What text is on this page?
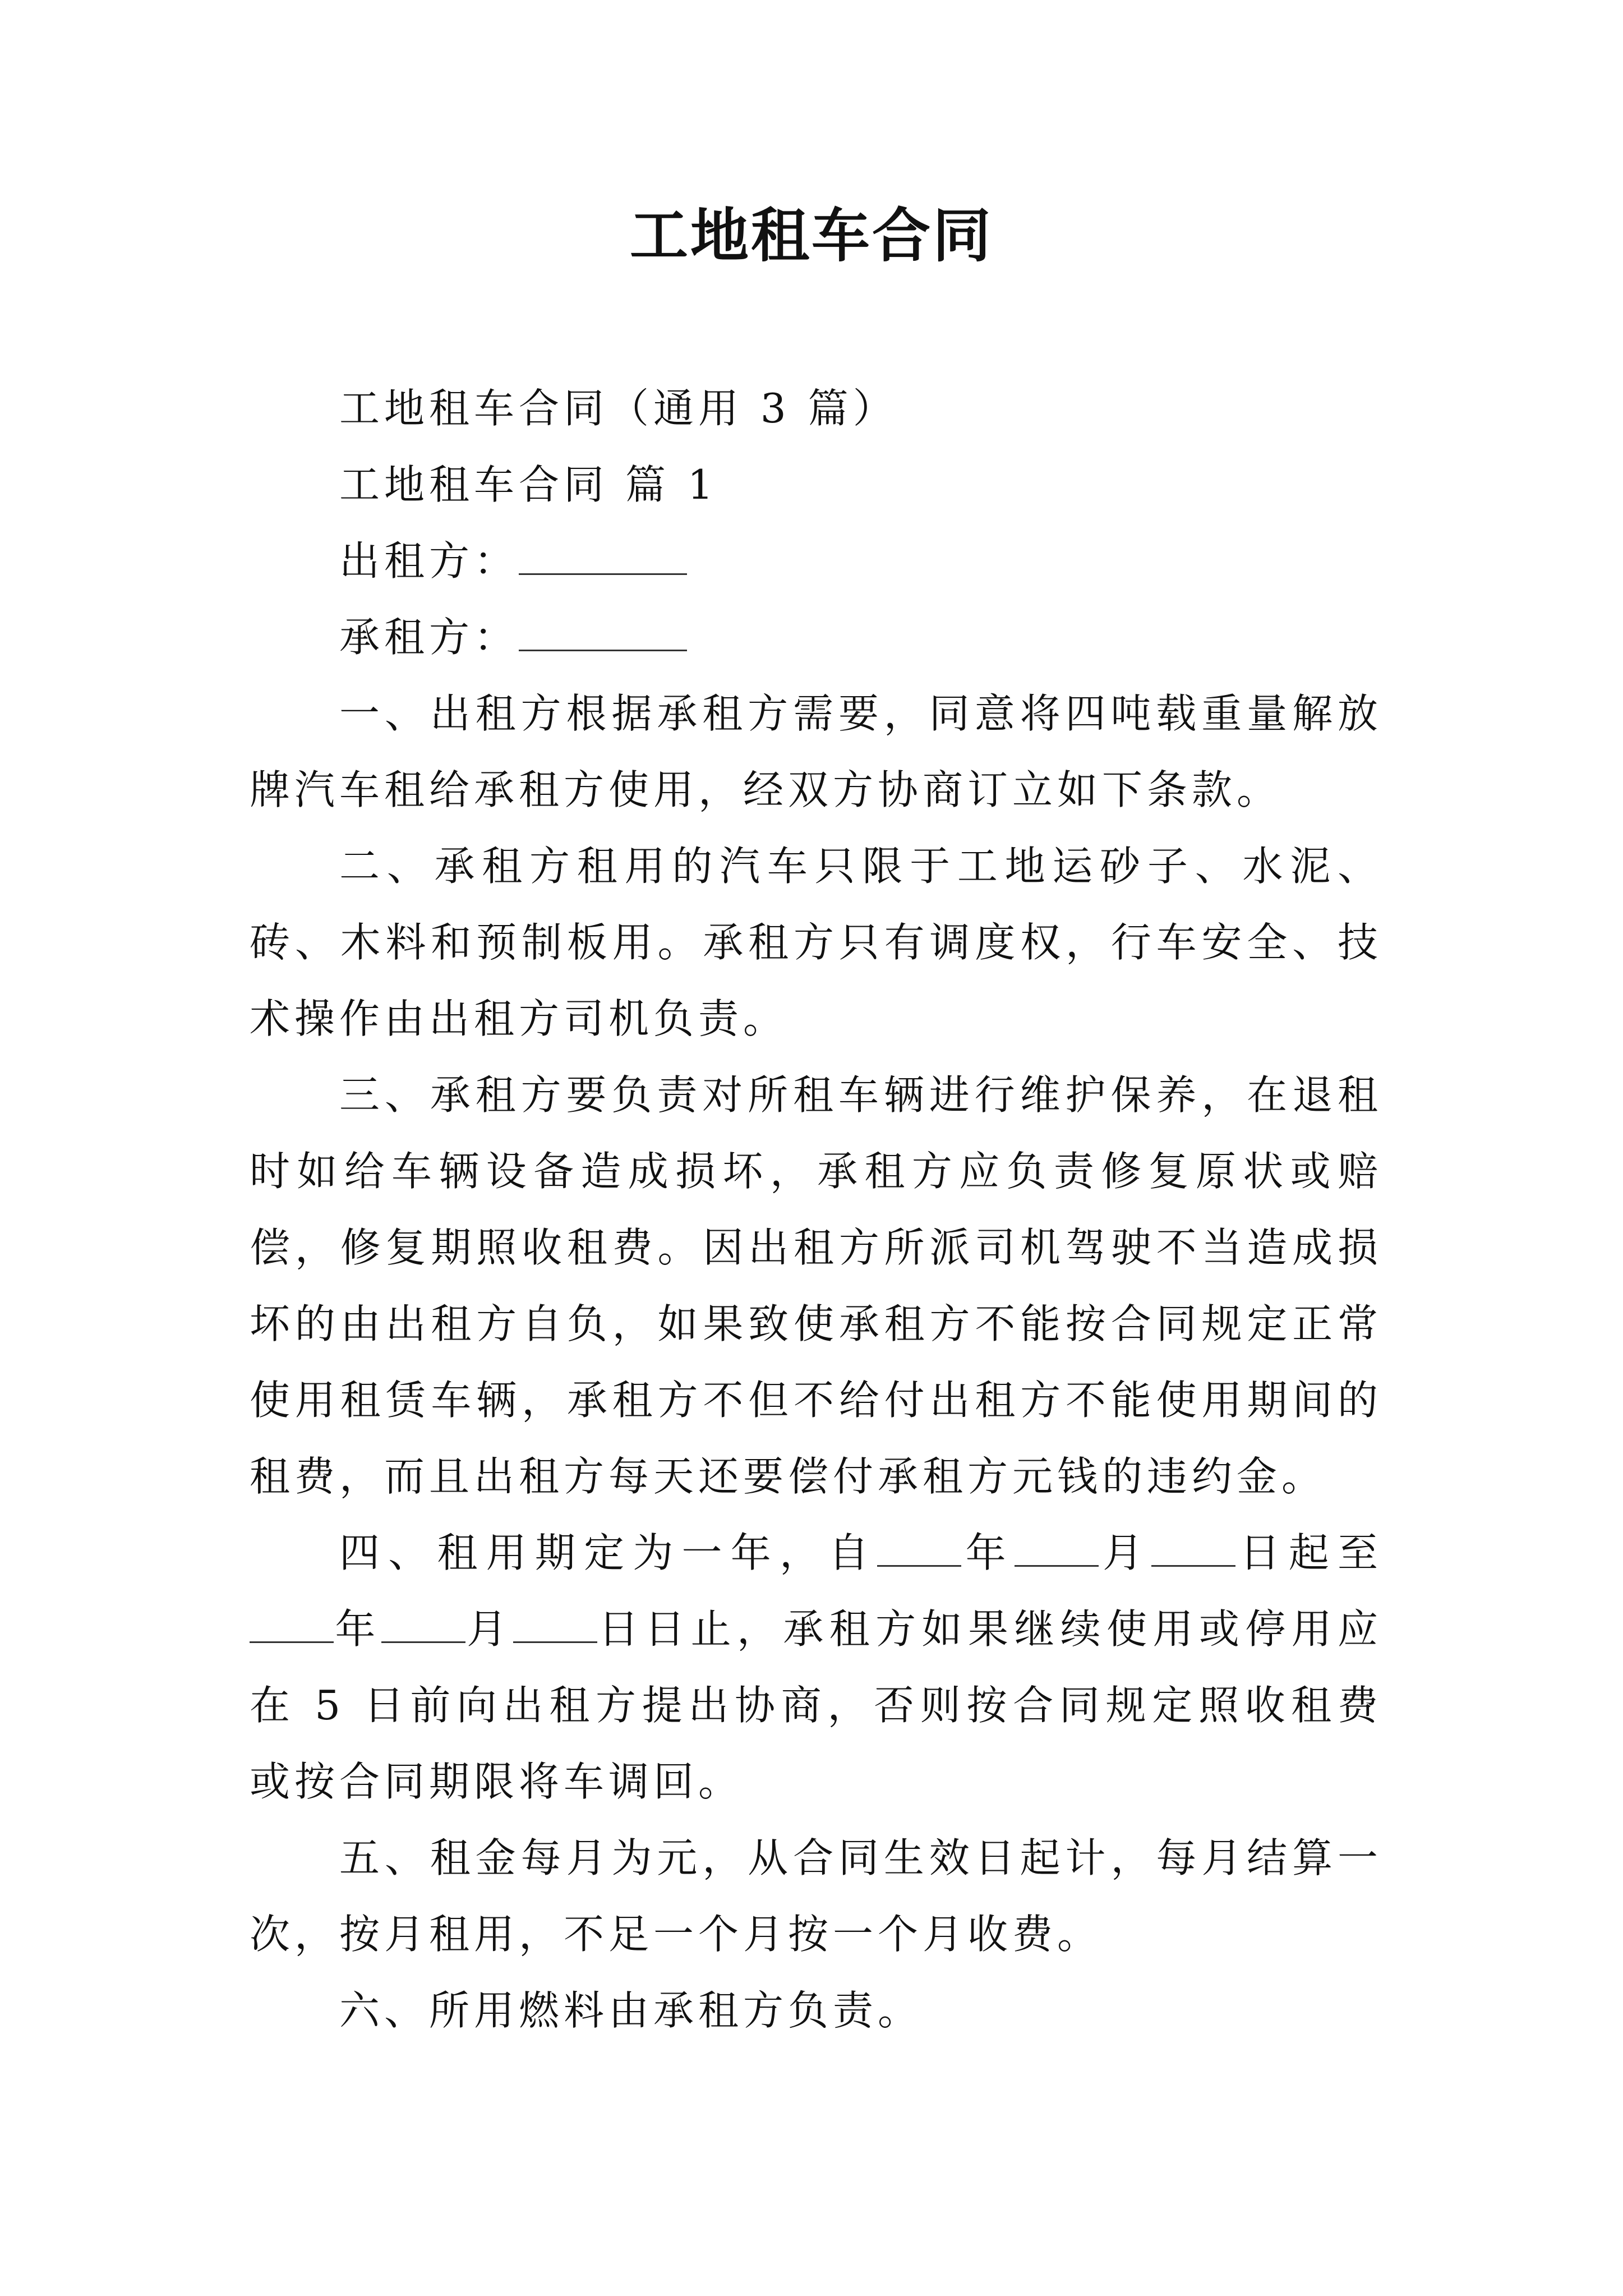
工地租车合同

工地租车合同（通用 3 篇）

工地租车合同 篇 1

出租方：

承租方：

一、出租方根据承租方需要，同意将四吨载重量解放牌汽车租给承租方使用，经双方协商订立如下条款。

二、承租方租用的汽车只限于工地运砂子、水泥、砖、木料和预制板用。承租方只有调度权，行车安全、技术操作由出租方司机负责。

三、承租方要负责对所租车辆进行维护保养，在退租时如给车辆设备造成损坏，承租方应负责修复原状或赔偿，修复期照收租费。因出租方所派司机驾驶不当造成损坏的由出租方自负，如果致使承租方不能按合同规定正常使用租赁车辆，承租方不但不给付出租方不能使用期间的租费，而且出租方每天还要偿付承租方元钱的违约金。

四、租用期定为一年，自 年 月 日起至年 月 日日止，承租方如果继续使用或停用应在 5 日前向出租方提出协商，否则按合同规定照收租费或按合同期限将车调回。

五、租金每月为元，从合同生效日起计，每月结算一次，按月租用，不足一个月按一个月收费。

六、所用燃料由承租方负责。
